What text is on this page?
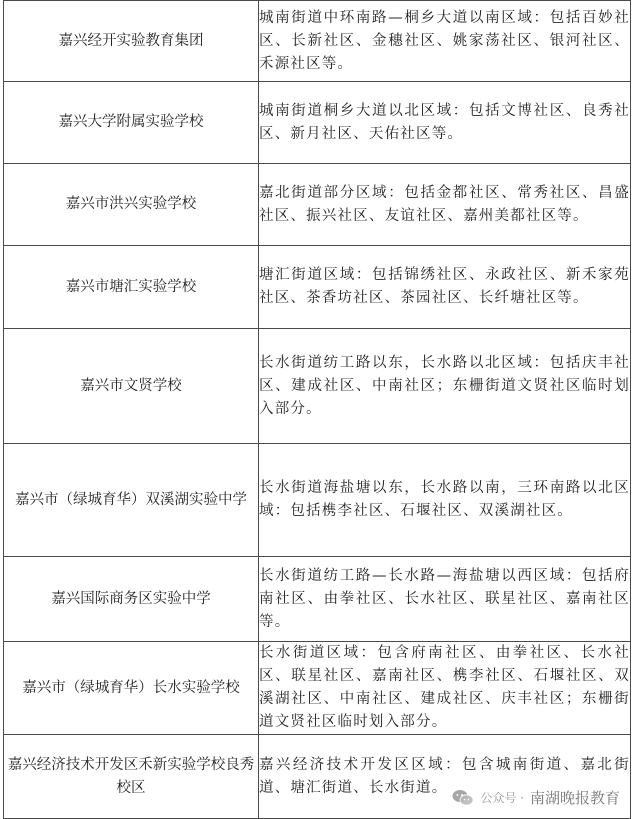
嘉兴经开实验教育集团	城南街道中环南路—桐乡大道以南区域：包括百妙社区、长新社区、金穗社区、姚家荡社区、银河社区、禾源社区等。
嘉兴大学附属实验学校	城南街道桐乡大道以北区域：包括文博社区、良秀社区、新月社区、天佑社区等。
嘉兴市洪兴实验学校	嘉北街道部分区域：包括金都社区、常秀社区、昌盛社区、振兴社区、友谊社区、嘉州美都社区等。
嘉兴市塘汇实验学校	塘汇街道区域：包括锦绣社区、永政社区、新禾家苑社区、茶香坊社区、茶园社区、长纤塘社区等。
嘉兴市文贤学校	长水街道纺工路以东，长水路以北区域：包括庆丰社区、建成社区、中南社区；东栅街道文贤社区临时划入部分。
嘉兴市（绿城育华）双溪湖实验中学	长水街道海盐塘以东，长水路以南，三环南路以北区域：包括槜李社区、石堰社区、双溪湖社区。
嘉兴国际商务区实验中学	长水街道纺工路—长水路—海盐塘以西区域：包括府南社区、由拳社区、长水社区、联星社区、嘉南社区等。
嘉兴市（绿城育华）长水实验学校	长水街道区域：包含府南社区、由拳社区、长水社区、联星社区、嘉南社区、槜李社区、石堰社区、双溪湖社区、中南社区、建成社区、庆丰社区；东栅街道文贤社区临时划入部分。
嘉兴经济技术开发区禾新实验学校良秀校区	嘉兴经济技术开发区区域：包含城南街道、嘉北街道、塘汇街道、长水街道。
公众号 · 南湖晚报教育
